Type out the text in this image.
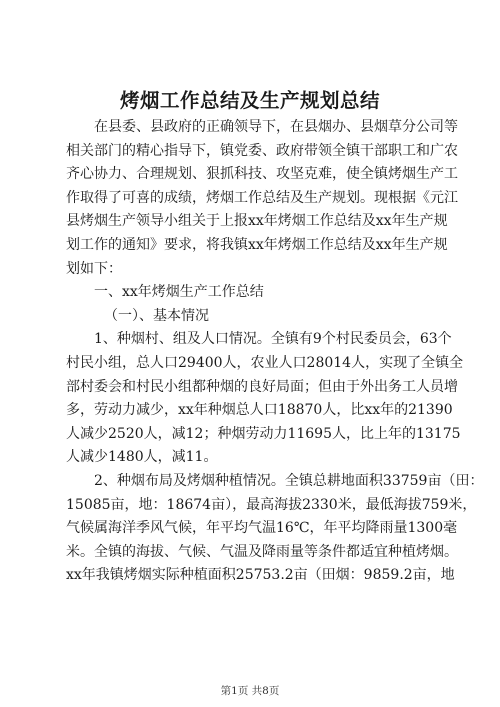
烤烟工作总结及生产规划总结
在县委、县政府的正确领导下，在县烟办、县烟草分公司等
相关部门的精心指导下，镇党委、政府带领全镇干部职工和广农
齐心协力、合理规划、狠抓科技、攻坚克难，使全镇烤烟生产工
作取得了可喜的成绩，烤烟工作总结及生产规划。现根据《元江
县烤烟生产领导小组关于上报xx年烤烟工作总结及xx年生产规
划工作的通知》要求，将我镇xx年烤烟工作总结及xx年生产规
划如下：
一、xx年烤烟生产工作总结
（一）、基本情况
1、种烟村、组及人口情况。全镇有9个村民委员会，63个
村民小组，总人口29400人，农业人口28014人，实现了全镇全
部村委会和村民小组都种烟的良好局面；但由于外出务工人员增
多，劳动力减少，xx年种烟总人口18870人，比xx年的21390
人减少2520人，减12；种烟劳动力11695人，比上年的13175
人减少1480人，减11。
2、种烟布局及烤烟种植情况。全镇总耕地面积33759亩（田：
15085亩，地：18674亩），最高海拔2330米，最低海拔759米，
气候属海洋季风气候，年平均气温16℃，年平均降雨量1300毫
米。全镇的海拔、气候、气温及降雨量等条件都适宜种植烤烟。
xx年我镇烤烟实际种植面积25753.2亩（田烟：9859.2亩，地
第1页 共8页
